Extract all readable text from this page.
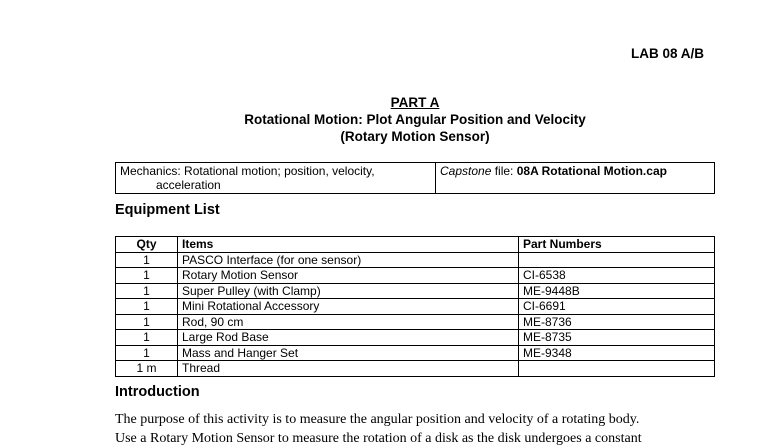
LAB 08 A/B
PART A
Rotational Motion: Plot Angular Position and Velocity
(Rotary Motion Sensor)
Mechanics: Rotational motion; position, velocity,
acceleration
	Capstone file: 08A Rotational Motion.cap
Equipment List
Qty	Items	Part Numbers
1	PASCO Interface (for one sensor)	
1	Rotary Motion Sensor	CI-6538
1	Super Pulley (with Clamp)	ME-9448B
1	Mini Rotational Accessory	CI-6691
1	Rod, 90 cm	ME-8736
1	Large Rod Base	ME-8735
1	Mass and Hanger Set	ME-9348
1 m	Thread	
Introduction
The purpose of this activity is to measure the angular position and velocity of a rotating body.
Use a Rotary Motion Sensor to measure the rotation of a disk as the disk undergoes a constant
